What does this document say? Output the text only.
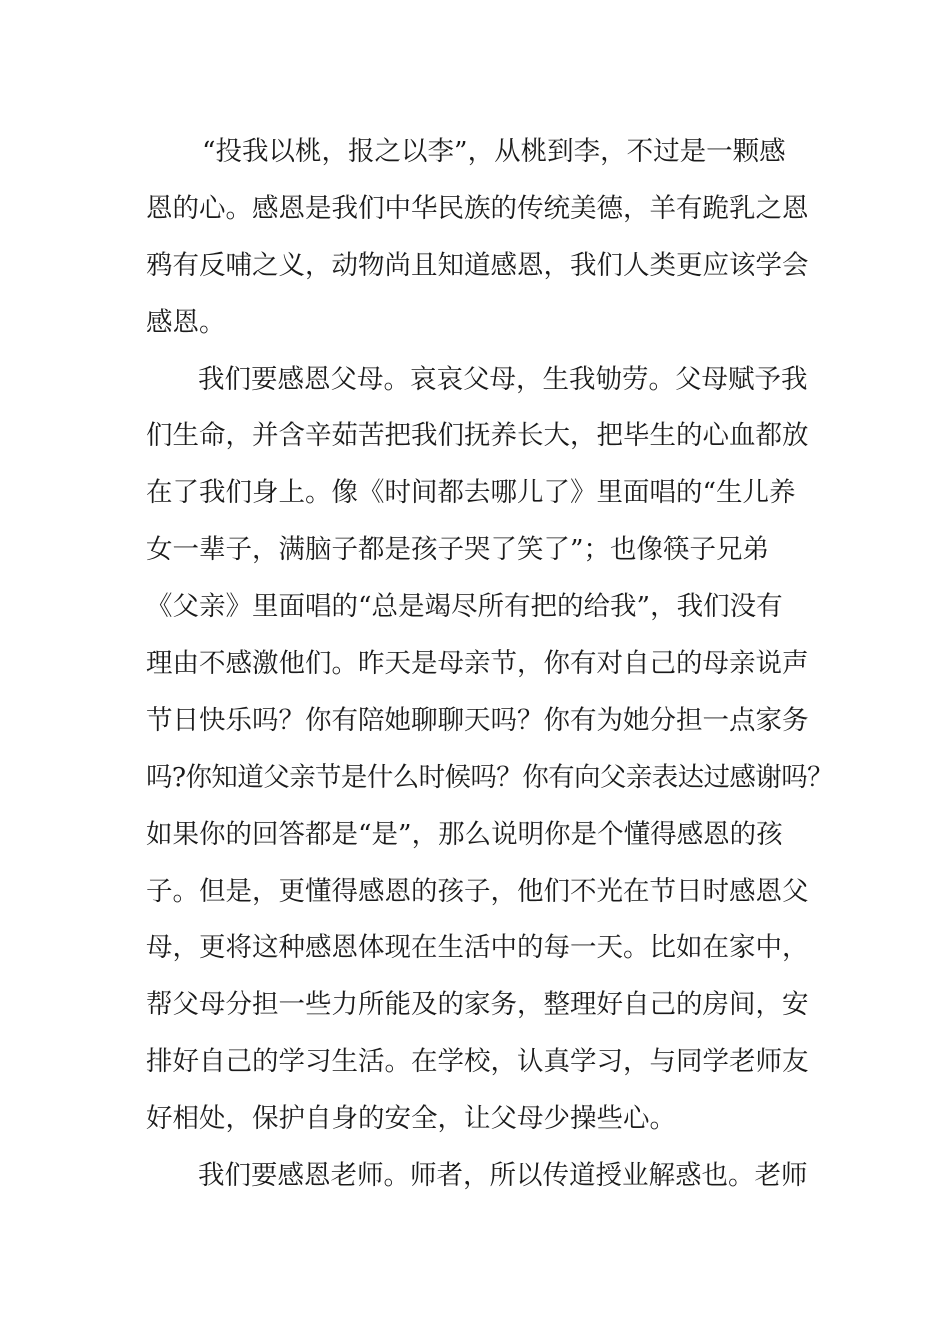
“投我以桃，报之以李”，从桃到李，不过是一颗感
恩的心。感恩是我们中华民族的传统美德，羊有跪乳之恩
鸦有反哺之义，动物尚且知道感恩，我们人类更应该学会
感恩。
我们要感恩父母。哀哀父母，生我劬劳。父母赋予我
们生命，并含辛茹苦把我们抚养长大，把毕生的心血都放
在了我们身上。像《时间都去哪儿了》里面唱的“生儿养
女一辈子，满脑子都是孩子哭了笑了”；也像筷子兄弟
《父亲》里面唱的“总是竭尽所有把的给我”，我们没有
理由不感激他们。昨天是母亲节，你有对自己的母亲说声
节日快乐吗？你有陪她聊聊天吗？你有为她分担一点家务
吗?你知道父亲节是什么时候吗？你有向父亲表达过感谢吗？
如果你的回答都是“是”，那么说明你是个懂得感恩的孩
子。但是，更懂得感恩的孩子，他们不光在节日时感恩父
母，更将这种感恩体现在生活中的每一天。比如在家中，
帮父母分担一些力所能及的家务，整理好自己的房间，安
排好自己的学习生活。在学校，认真学习，与同学老师友
好相处，保护自身的安全，让父母少操些心。
我们要感恩老师。师者，所以传道授业解惑也。老师
